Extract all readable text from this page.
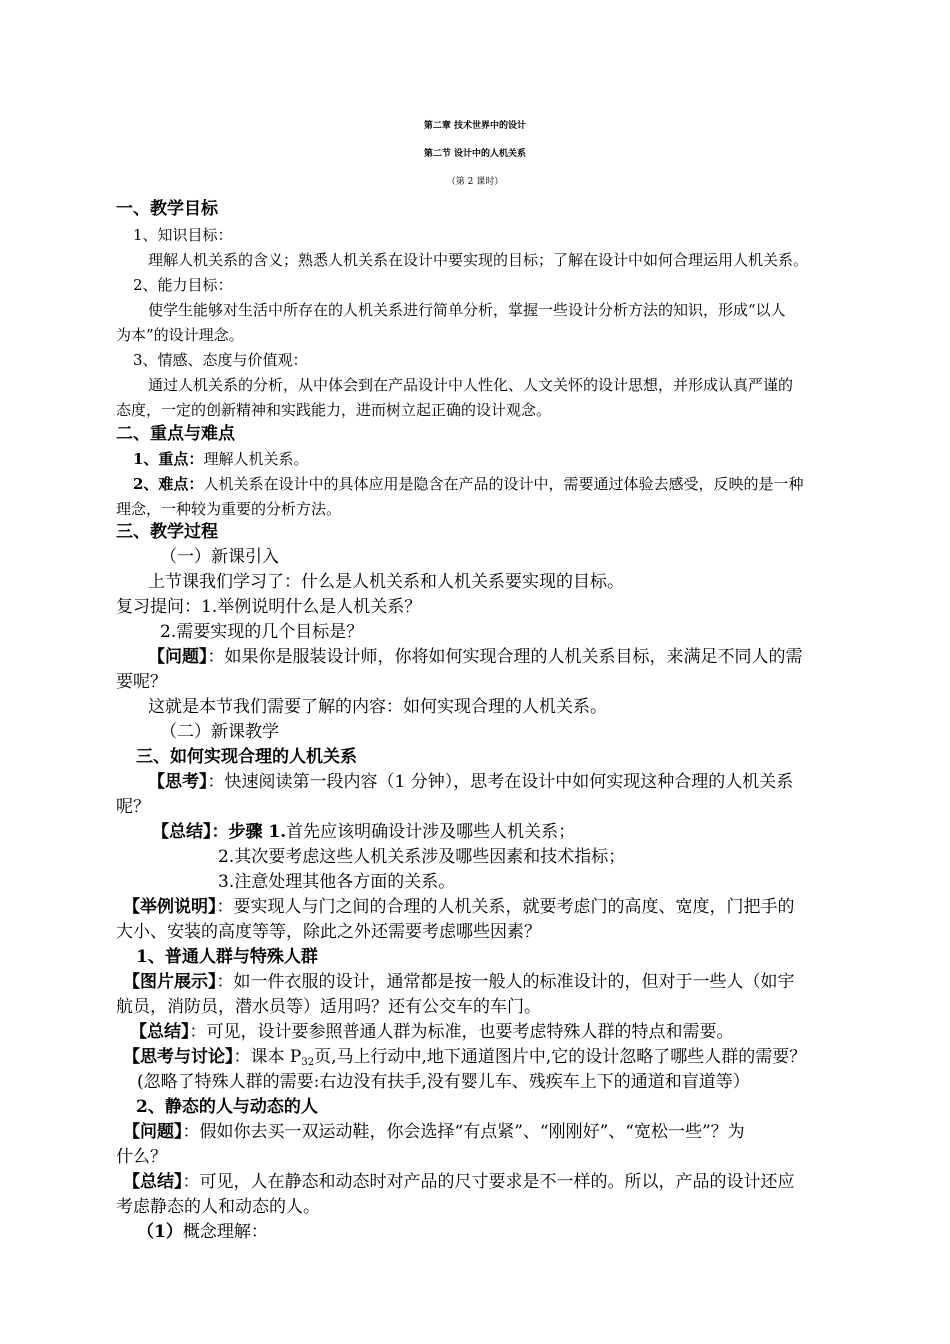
第二章 技术世界中的设计
第二节 设计中的人机关系
（第 2 课时）
一、教学目标
1、知识目标：
理解人机关系的含义；熟悉人机关系在设计中要实现的目标；了解在设计中如何合理运用人机关系。
2、能力目标：
使学生能够对生活中所存在的人机关系进行简单分析，掌握一些设计分析方法的知识，形成“以人
为本”的设计理念。
3、情感、态度与价值观：
通过人机关系的分析，从中体会到在产品设计中人性化、人文关怀的设计思想，并形成认真严谨的
态度，一定的创新精神和实践能力，进而树立起正确的设计观念。
二、重点与难点
1、重点：理解人机关系。
2、难点：人机关系在设计中的具体应用是隐含在产品的设计中，需要通过体验去感受，反映的是一种
理念，一种较为重要的分析方法。
三、教学过程
（一）新课引入
上节课我们学习了：什么是人机关系和人机关系要实现的目标。
复习提问：1.举例说明什么是人机关系？
2.需要实现的几个目标是？
【问题】：如果你是服装设计师，你将如何实现合理的人机关系目标，来满足不同人的需
要呢？
这就是本节我们需要了解的内容：如何实现合理的人机关系。
（二）新课教学
三、如何实现合理的人机关系
【思考】：快速阅读第一段内容（1 分钟），思考在设计中如何实现这种合理的人机关系
呢？
【总结】：步骤 1.首先应该明确设计涉及哪些人机关系；
2.其次要考虑这些人机关系涉及哪些因素和技术指标；
3.注意处理其他各方面的关系。
【举例说明】：要实现人与门之间的合理的人机关系，就要考虑门的高度、宽度，门把手的
大小、安装的高度等等，除此之外还需要考虑哪些因素？
1、普通人群与特殊人群
【图片展示】：如一件衣服的设计，通常都是按一般人的标准设计的，但对于一些人（如宇
航员，消防员，潜水员等）适用吗？还有公交车的车门。
【总结】：可见，设计要参照普通人群为标准，也要考虑特殊人群的特点和需要。
【思考与讨论】：课本 $P_{32}$页,马上行动中,地下通道图片中,它的设计忽略了哪些人群的需要？
(忽略了特殊人群的需要:右边没有扶手,没有婴儿车、残疾车上下的通道和盲道等）
2、静态的人与动态的人
【问题】：假如你去买一双运动鞋，你会选择“有点紧”、“刚刚好”、“宽松一些”？为
什么？
【总结】：可见，人在静态和动态时对产品的尺寸要求是不一样的。所以，产品的设计还应
考虑静态的人和动态的人。
（1）概念理解：
